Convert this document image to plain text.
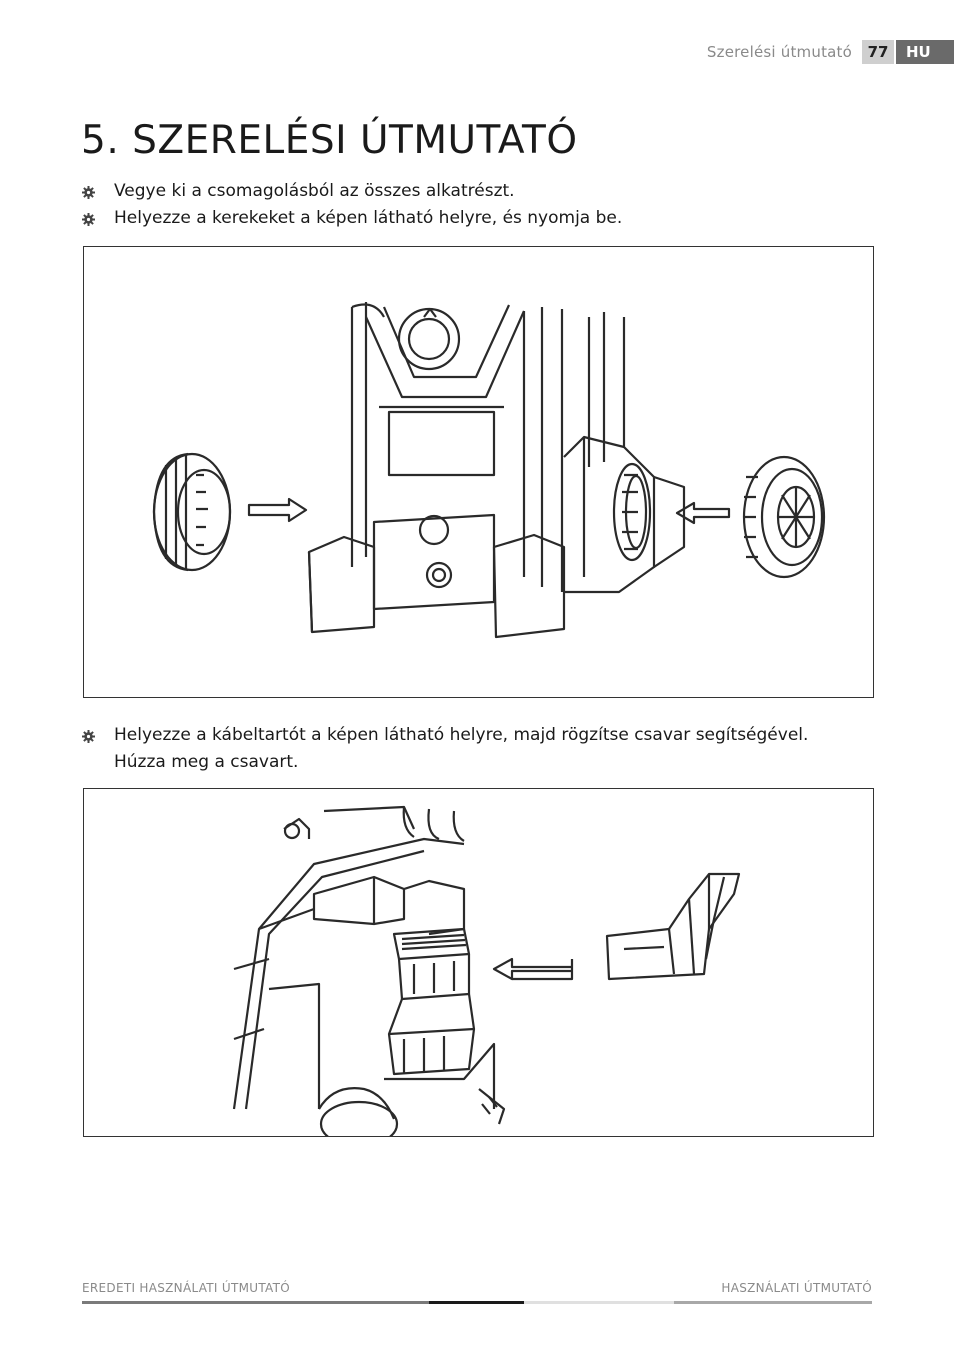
Szerelési útmutató	77	HU
5. SZERELÉSI ÚTMUTATÓ
Vegye ki a csomagolásból az összes alkatrészt.
Helyezze a kerekeket a képen látható helyre, és nyomja be.
Helyezze a kábeltartót a képen látható helyre, majd rögzítse csavar segítségével. Húzza meg a csavart.
EREDETI HASZNÁLATI ÚTMUTATÓ	HASZNÁLATI ÚTMUTATÓ
